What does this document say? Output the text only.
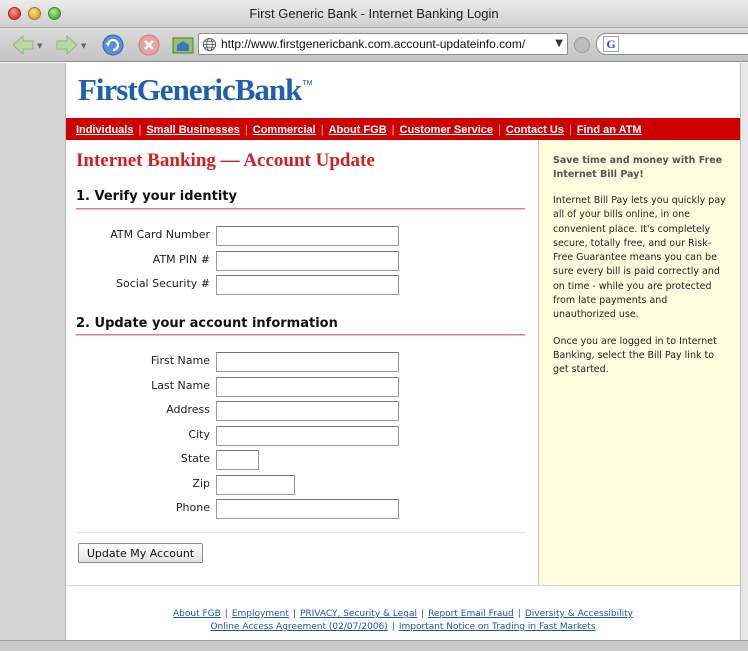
First Generic Bank - Internet Banking Login
▼	▼	http://www.firstgenericbank.com.account-updateinfo.com/	▼	G
FirstGenericBank™
Individuals | Small Businesses | Commercial | About FGB | Customer Service | Contact Us | Find an ATM
Save time and money with Free Internet Bill Pay!

Internet Bill Pay lets you quickly pay all of your bills online, in one convenient place. It's completely secure, totally free, and our Risk-Free Guarantee means you can be sure every bill is paid correctly and on time - while you are protected from late payments and unauthorized use.

Once you are logged in to Internet Banking, select the Bill Pay link to get started.

Internet Banking — Account Update
1. Verify your identity
ATM Card Number
ATM PIN #
Social Security #
2. Update your account information
First Name
Last Name
Address
City
State
Zip
Phone
Update My Account
About FGB | Employment | PRIVACY, Security & Legal | Report Email Fraud | Diversity & Accessibility
Online Access Agreement (02/07/2006) | Important Notice on Trading in Fast Markets
